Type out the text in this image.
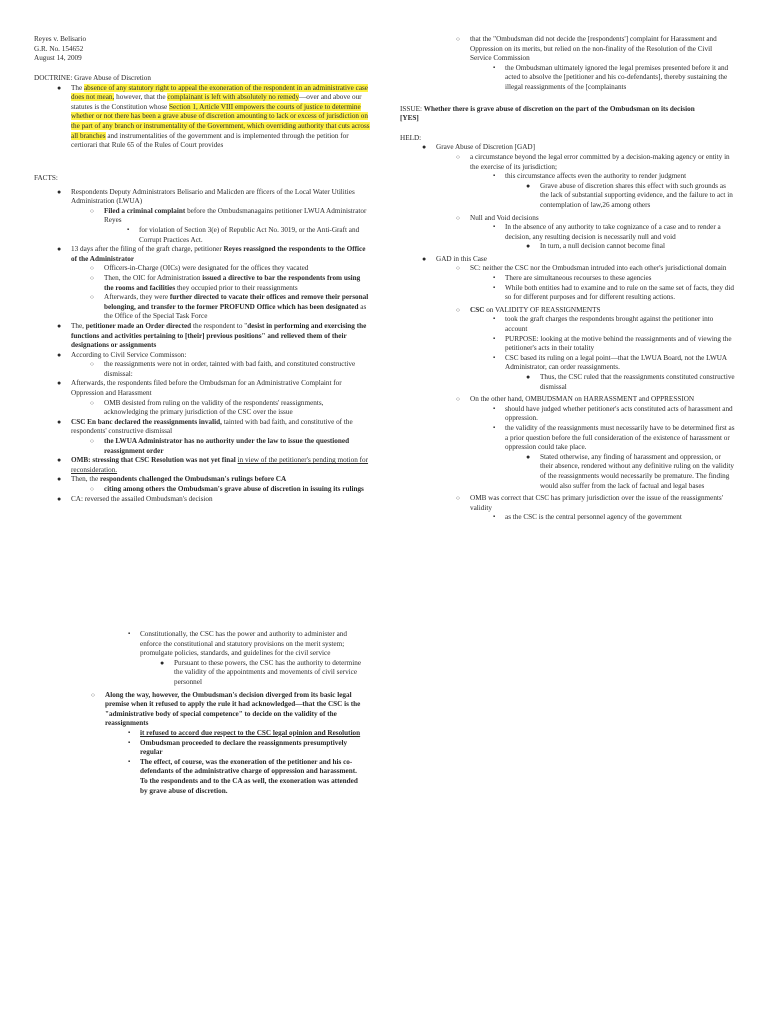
Reyes v. Belisario

G.R. No. 154652

August 14, 2009

DOCTRINE: Grave Abuse of Discretion

● The absence of any statutory right to appeal the exoneration of the respondent in an administrative case does not mean, however, that the complainant is left with absolutely no remedy—over and above our statutes is the Constitution whose Section 1, Article VIII empowers the courts of justice to determine whether or not there has been a grave abuse of discretion amounting to lack or excess of jurisdiction on the part of any branch or instrumentality of the Government, which overriding authority that cuts across all branches and instrumentalities of the government and is implemented through the petition for certiorari that Rule 65 of the Rules of Court provides

FACTS:

● Respondents Deputy Administrators Belisario and Malicden are fficers of the Local Water Utilities Administration (LWUA)
○ Filed a criminal complaint before the Ombudsmanagains petitioner LWUA Administrator Reyes
▪ for violation of Section 3(e) of Republic Act No. 3019, or the Anti-Graft and Corrupt Practices Act.
● 13 days after the filing of the graft charge, petitioner Reyes reassigned the respondents to the Office of the Administrator
○ Officers-in-Charge (OICs) were designated for the offices they vacated
○ Then, the OIC for Administration issued a directive to bar the respondents from using the rooms and facilities they occupied prior to their reassignments
○ Afterwards, they were further directed to vacate their offices and remove their personal belonging, and transfer to the former PROFUND Office which has been designated as the Office of the Special Task Force
● The, petitioner made an Order directed the respondent to "desist in performing and exercising the functions and activities pertaining to [their] previous positions" and relieved them of their designations or assignments
● According to Civil Service Commisson:
○ the reassignments were not in order, tainted with bad faith, and constituted constructive dismissal:
● Afterwards, the respondents filed before the Ombudsman for an Administrative Complaint for Oppression and Harassment
○ OMB desisted from ruling on the validity of the respondents' reassignments, acknowledging the primary jurisdiction of the CSC over the issue
● CSC En banc declared the reassignments invalid, tainted with bad faith, and constitutive of the respondents' constructive dismissal
○ the LWUA Administrator has no authority under the law to issue the questioned reassignment order
● OMB: stressing that CSC Resolution was not yet final in view of the petitioner's pending motion for reconsideration.
● Then, the respondents challenged the Ombudsman's rulings before CA
○ citing among others the Ombudsman's grave abuse of discretion in issuing its rulings
● CA: reversed the assailed Ombudsman's decision
▪ Constitutionally, the CSC has the power and authority to administer and enforce the constitutional and statutory provisions on the merit system; promulgate policies, standards, and guidelines for the civil service
● Pursuant to these powers, the CSC has the authority to determine the validity of the appointments and movements of civil service personnel
○ Along the way, however, the Ombudsman's decision diverged from its basic legal premise when it refused to apply the rule it had acknowledged—that the CSC is the "administrative body of special competence" to decide on the validity of the reassignments
▪ it refused to accord due respect to the CSC legal opinion and Resolution
▪ Ombudsman proceeded to declare the reassignments presumptively regular
▪ The effect, of course, was the exoneration of the petitioner and his co-defendants of the administrative charge of oppression and harassment. To the respondents and to the CA as well, the exoneration was attended by grave abuse of discretion.
○ that the "Ombudsman did not decide the [respondents'] complaint for Harassment and Oppression on its merits, but relied on the non-finality of the Resolution of the Civil Service Commission
▪ the Ombudsman ultimately ignored the legal premises presented before it and acted to absolve the [petitioner and his co-defendants], thereby sustaining the illegal reassignments of the [complainants

ISSUE: Whether there is grave abuse of discretion on the part of the Ombudsman on its decision [YES]

HELD:

● Grave Abuse of Discretion [GAD]
○ a circumstance beyond the legal error committed by a decision-making agency or entity in the exercise of its jurisdiction;
▪ this circumstance affects even the authority to render judgment
● Grave abuse of discretion shares this effect with such grounds as the lack of substantial supporting evidence, and the failure to act in contemplation of law,26 among others
○ Null and Void decisions
▪ In the absence of any authority to take cognizance of a case and to render a decision, any resulting decision is necessarily null and void
● In turn, a null decision cannot become final
● GAD in this Case
○ SC: neither the CSC nor the Ombudsman intruded into each other's jurisdictional domain
▪ There are simultaneous recourses to these agencies
▪ While both entities had to examine and to rule on the same set of facts, they did so for different purposes and for different resulting actions.
○ CSC on VALIDITY OF REASSIGNMENTS
▪ took the graft charges the respondents brought against the petitioner into account
▪ PURPOSE: looking at the motive behind the reassignments and of viewing the petitioner's acts in their totality
▪ CSC based its ruling on a legal point—that the LWUA Board, not the LWUA Administrator, can order reassignments.
● Thus, the CSC ruled that the reassignments constituted constructive dismissal
○ On the other hand, OMBUDSMAN on HARRASSMENT and OPPRESSION
▪ should have judged whether petitioner's acts constituted acts of harassment and oppression.
▪ the validity of the reassignments must necessarily have to be determined first as a prior question before the full consideration of the existence of harassment or oppression could take place.
● Stated otherwise, any finding of harassment and oppression, or their absence, rendered without any definitive ruling on the validity of the reassignments would necessarily be premature. The finding would also suffer from the lack of factual and legal bases
○ OMB was correct that CSC has primary jurisdiction over the issue of the reassignments' validity
▪ as the CSC is the central personnel agency of the government
